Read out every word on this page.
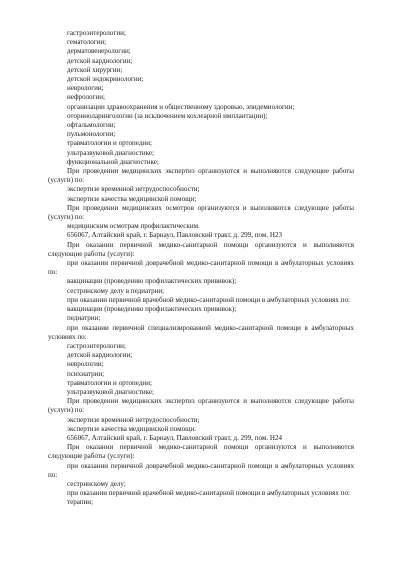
гастроэнтерологии;

гематологии;

дерматовенерологии;

детской кардиологии;

детской хирургии;

детской эндокринологии;

неврологии;

нефрологии;

организации здравоохранения и общественному здоровью, эпидемиологии;

оториноларингологии (за исключением кохлеарной имплантации);

офтальмологии;

пульмонологии;

травматологии и ортопедии;

ультразвуковой диагностике;

функциональной диагностике;

При проведении медицинских экспертиз организуются и выполняются следующие работы (услуги) по:

экспертизе временной нетрудоспособности;

экспертизе качества медицинской помощи;

При проведении медицинских осмотров организуются и выполняются следующие работы (услуги) по:

медицинским осмотрам профилактическим.

656067, Алтайский край, г. Барнаул, Павловский тракт, д. 299, пом. Н23

При оказании первичной медико-санитарной помощи организуются и выполняются следующие работы (услуги):

при оказании первичной доврачебной медико-санитарной помощи в амбулаторных условиях по:

вакцинации (проведению профилактических прививок);

сестринскому делу в педиатрии;

при оказании первичной врачебной медико-санитарной помощи в амбулаторных условиях по:

вакцинации (проведению профилактических прививок);

педиатрии;

при оказании первичной специализированной медико-санитарной помощи в амбулаторных условиях по:

гастроэнтерологии;

детской кардиологии;

неврологии;

психиатрии;

травматологии и ортопедии;

ультразвуковой диагностике;

При проведении медицинских экспертиз организуются и выполняются следующие работы (услуги) по:

экспертизе временной нетрудоспособности;

экспертизе качества медицинской помощи.

656067, Алтайский край, г. Барнаул, Павловский тракт, д. 299, пом. Н24

При оказании первичной медико-санитарной помощи организуются и выполняются следующие работы (услуги):

при оказании первичной доврачебной медико-санитарной помощи в амбулаторных условиях по:

сестринскому делу;

при оказании первичной врачебной медико-санитарной помощи в амбулаторных условиях по:

терапии;
